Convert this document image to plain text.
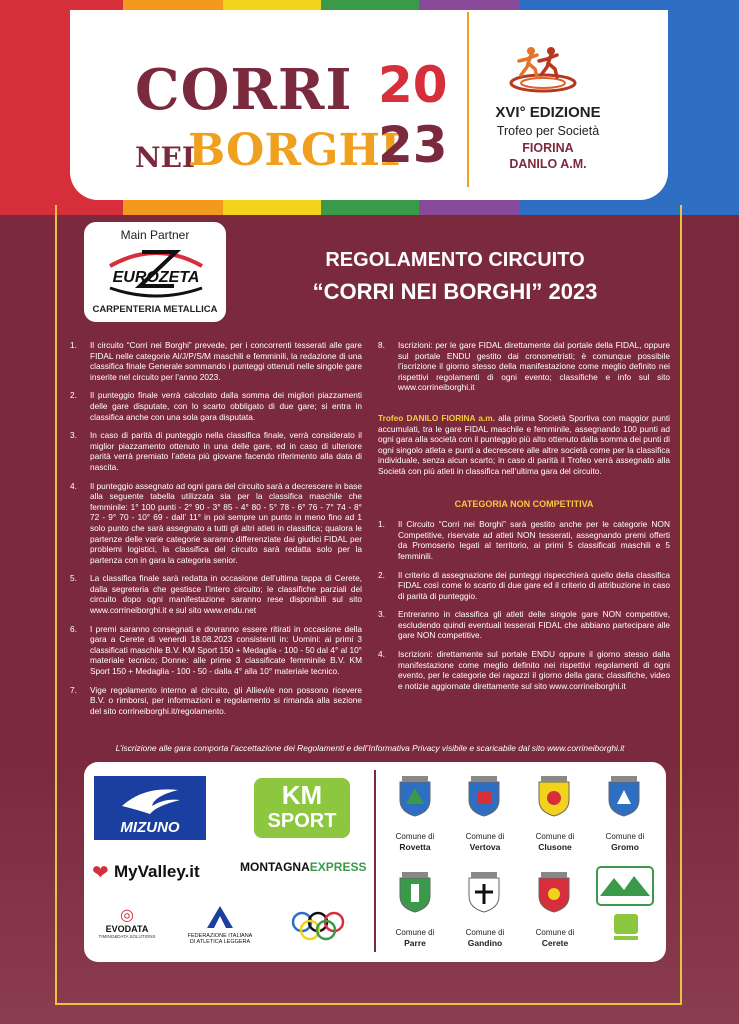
CORRI
NEI
BORGHI
20
23
XVI° EDIZIONE
Trofeo per Società
FIORINA
DANILO A.M.
Main Partner
EUROZETA
CARPENTERIA METALLICA
REGOLAMENTO CIRCUITO
“CORRI NEI BORGHI” 2023
1.	Il circuito “Corri nei Borghi” prevede, per i concorrenti tesserati alle gare FIDAL nelle categorie Al/J/P/S/M maschili e femminili, la redazione di una classifica finale Generale sommando i punteggi ottenuti nelle singole gare inserite nel circuito per l’anno 2023.
2.	Il punteggio finale verrà calcolato dalla somma dei migliori piazzamenti delle gare disputate, con lo scarto obbligato di due gare; si entra in classifica anche con una sola gara disputata.
3.	In caso di parità di punteggio nella classifica finale, verrà considerato il miglior piazzamento ottenuto in una delle gare, ed in caso di ulteriore parità verrà premiato l’atleta più giovane facendo riferimento alla data di nascita.
4.	Il punteggio assegnato ad ogni gara del circuito sarà a decrescere in base alla seguente tabella utilizzata sia per la classifica maschile che femminile: 1° 100 punti - 2° 90 - 3° 85 - 4° 80 - 5° 78 - 6° 76 - 7° 74 - 8° 72 - 9° 70 - 10° 69 - dall’ 11° in poi sempre un punto in meno fino ad 1 solo punto che sarà assegnato a tutti gli altri atleti in classifica; qualora le partenze delle varie categorie saranno differenziate dai giudici FIDAL per problemi logistici, la classifica del circuito sarà redatta solo per la partenza con in gara la categoria senior.
5.	La classifica finale sarà redatta in occasione dell’ultima tappa di Cerete, dalla segreteria che gestisce l’intero circuito; le classifiche parziali del circuito dopo ogni manifestazione saranno rese disponibili sul sito www.corrineiborghi.it e sul sito www.endu.net
6.	I premi saranno consegnati e dovranno essere ritirati in occasione della gara a Cerete di venerdì 18.08.2023 consistenti in: Uomini: ai primi 3 classificati maschile B.V. KM Sport 150 + Medaglia - 100 - 50 dal 4° al 10° materiale tecnico; Donne: alle prime 3 classificate femminile B.V. KM Sport 150 + Medaglia - 100 - 50 - dalla 4° alla 10° materiale tecnico.
7.	Vige regolamento interno al circuito, gli Allievi/e non possono ricevere B.V. o rimborsi, per informazioni e regolamento si rimanda alla sezione del sito corrineiborghi.it/regolamento.
8.	Iscrizioni: per le gare FIDAL direttamente dal portale della FIDAL, oppure sul portale ENDU gestito dai cronometristi; è comunque possibile l’iscrizione il giorno stesso della manifestazione come meglio definito nei rispettivi regolamenti di ogni evento; classifiche e info sul sito www.corrineiborghi.it
Trofeo DANILO FIORINA a.m. alla prima Società Sportiva con maggior punti accumulati, tra le gare FIDAL maschile e femminile, assegnando 100 punti ad ogni gara alla società con il punteggio più alto ottenuto dalla somma dei punti di ogni singolo atleta e punti a decrescere alle altre società come per la classifica individuale, senza alcun scarto; in caso di parità il Trofeo verrà assegnato alla Società con più atleti in classifica nell’ultima gara del circuito.
CATEGORIA NON COMPETITIVA
1.	Il Circuito “Corri nei Borghi” sarà gestito anche per le categorie NON Competitive, riservate ad atleti NON tesserati, assegnando premi offerti da Promoserio legati al territorio, ai primi 5 classificati maschili e 5 femminili.
2.	Il criterio di assegnazione dei punteggi rispecchierà quello della classifica FIDAL così come lo scarto di due gare ed il criterio di attribuzione in caso di parità di punteggio.
3.	Entreranno in classifica gli atleti delle singole gare NON competitive, escludendo quindi eventuali tesserati FIDAL che abbiano partecipare alle gare NON competitive.
4.	Iscrizioni: direttamente sul portale ENDU oppure il giorno stesso dalla manifestazione come meglio definito nei rispettivi regolamenti di ogni evento, per le categorie dei ragazzi il giorno della gara; classifiche, video e notizie aggiornate direttamente sul sito www.corrineiborghi.it
L’iscrizione alle gara comporta l’accettazione dei Regolamenti e dell’Informativa Privacy visibile e scaricabile dal sito www.corrineiborghi.it
MIZUNO
KM
SPORT
❤ MyValley.it	MONTAGNAEXPRESS
◎
EVODATA
TIMING&DATA SOLUTIONS	FEDERAZIONE ITALIANA
DI ATLETICA LEGGERA
Comune di
Rovetta
Comune di
Vertova
Comune di
Clusone
Comune di
Gromo
Comune di
Parre
Comune di
Gandino
Comune di
Cerete
